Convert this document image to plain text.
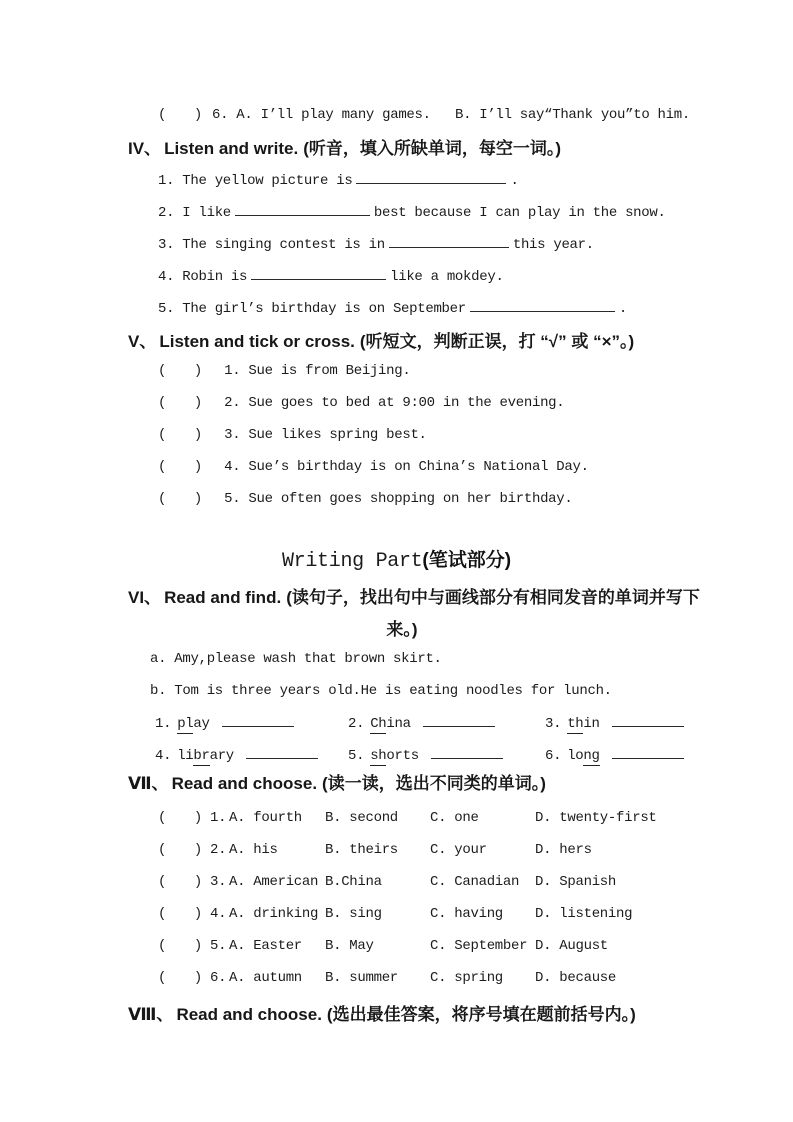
( ) 6. A. I’ll play many games. B. I’ll say“Thank you”to him.
IV、 Listen and write. (听音，填入所缺单词，每空一词。)
1. The yellow picture is	.
2. I like	best because I can play in the snow.
3. The singing contest is in	this year.
4. Robin is	like a mokdey.
5. The girl’s birthday is on September	.
V、 Listen and tick or cross. (听短文，判断正误，打 “√” 或 “×”。)
( ) 1. Sue is from Beijing.
( ) 2. Sue goes to bed at 9:00 in the evening.
( ) 3. Sue likes spring best.
( ) 4. Sue’s birthday is on China’s National Day.
( ) 5. Sue often goes shopping on her birthday.
Writing Part(笔试部分)
VI、 Read and find. (读句子，找出句中与画线部分有相同发音的单词并写下
来。)
a. Amy,please wash that brown skirt.
b. Tom is three years old.He is eating noodles for lunch.
1. play	2. China	3. thin
4. library	5. shorts	6. long
Ⅶ、 Read and choose. (读一读，选出不同类的单词。)
( ) 1. A. fourth	B. second	C. one	D. twenty-first
( ) 2. A. his	B. theirs	C. your	D. hers
( ) 3. A. American B.China	C. Canadian	D. Spanish
( ) 4. A. drinking B. sing	C. having	D. listening
( ) 5. A. Easter	B. May	C. September D. August
( ) 6. A. autumn	B. summer	C. spring	D. because
Ⅷ、 Read and choose. (选出最佳答案，将序号填在题前括号内。)
